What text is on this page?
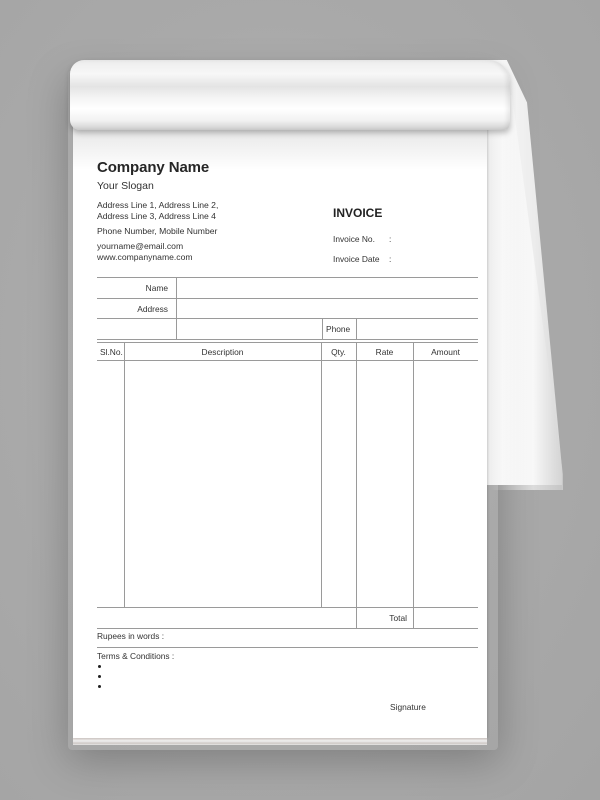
Company Name
Your Slogan
Address Line 1, Address Line 2,
Address Line 3, Address Line 4
Phone Number, Mobile Number
yourname@email.com
www.companyname.com
INVOICE
Invoice No. :
Invoice Date :
Name
Address
Phone
Sl.No.	Description	Qty.	Rate	Amount
Total
Rupees in words :
Terms & Conditions :
Signature
